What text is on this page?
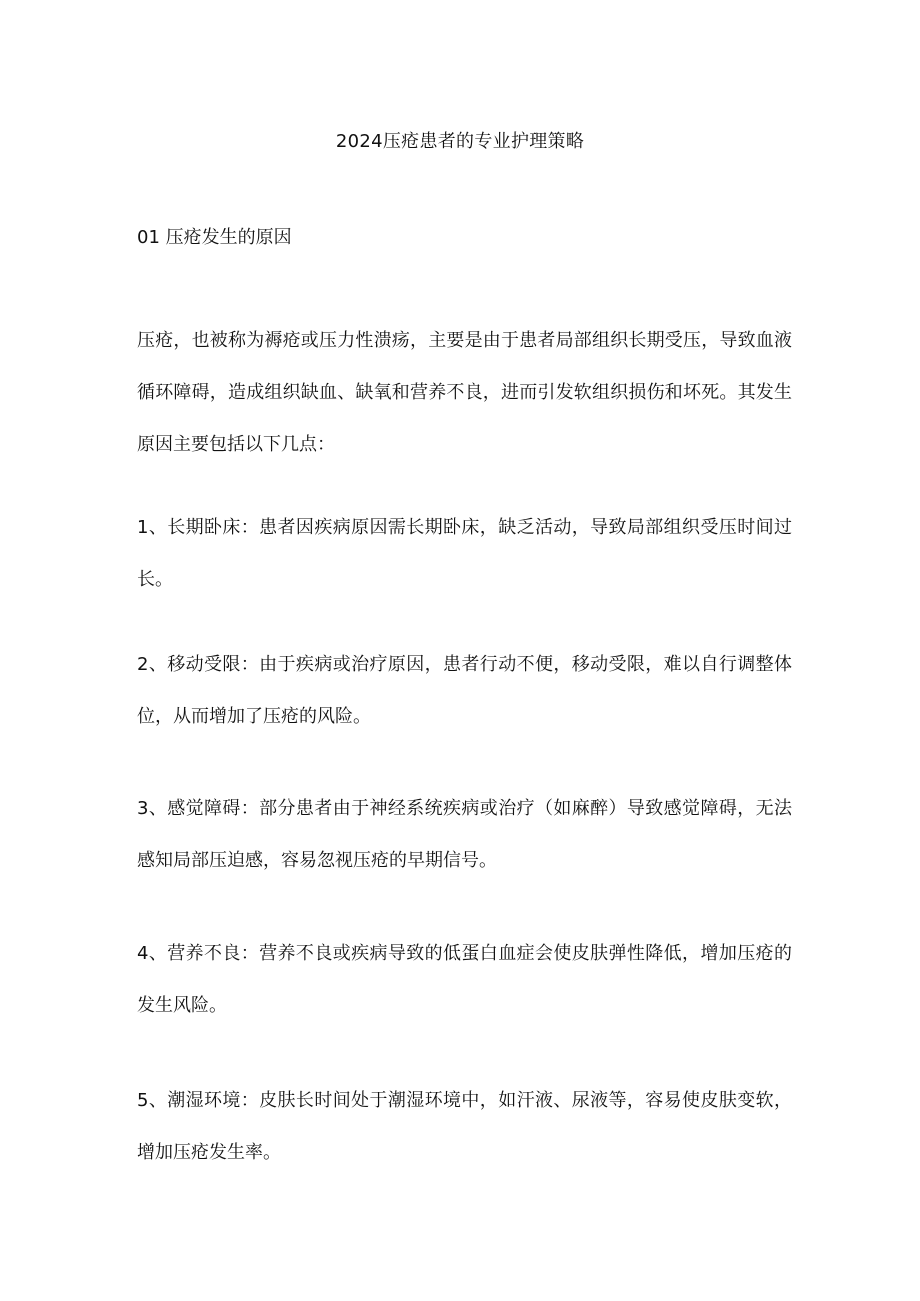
2024压疮患者的专业护理策略
01 压疮发生的原因

压疮，也被称为褥疮或压力性溃疡，主要是由于患者局部组织长期受压，导致血液循环障碍，造成组织缺血、缺氧和营养不良，进而引发软组织损伤和坏死。其发生原因主要包括以下几点：

1、长期卧床：患者因疾病原因需长期卧床，缺乏活动，导致局部组织受压时间过长。

2、移动受限：由于疾病或治疗原因，患者行动不便，移动受限，难以自行调整体位，从而增加了压疮的风险。

3、感觉障碍：部分患者由于神经系统疾病或治疗（如麻醉）导致感觉障碍，无法感知局部压迫感，容易忽视压疮的早期信号。

4、营养不良：营养不良或疾病导致的低蛋白血症会使皮肤弹性降低，增加压疮的发生风险。

5、潮湿环境：皮肤长时间处于潮湿环境中，如汗液、尿液等，容易使皮肤变软，增加压疮发生率。
